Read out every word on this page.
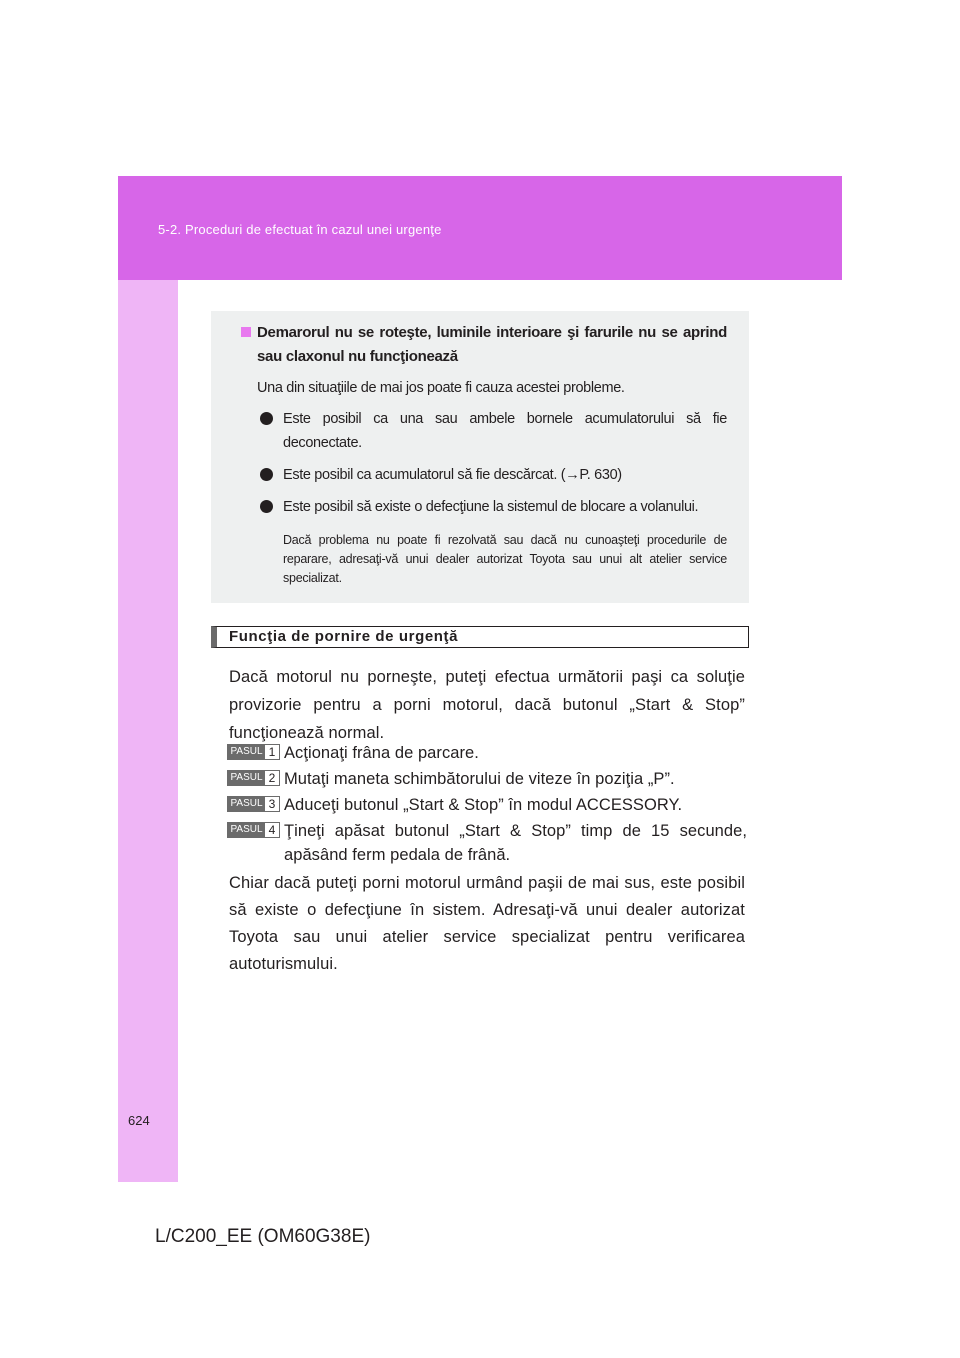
5-2. Proceduri de efectuat în cazul unei urgenţe
Demarorul nu se roteşte, luminile interioare şi farurile nu se aprind sau claxonul nu funcţionează
Una din situaţiile de mai jos poate fi cauza acestei probleme.
Este posibil ca una sau ambele bornele acumulatorului să fie deconectate.
Este posibil ca acumulatorul să fie descărcat. (→P. 630)
Este posibil să existe o defecţiune la sistemul de blocare a volanului.
Dacă problema nu poate fi rezolvată sau dacă nu cunoaşteţi procedurile de reparare, adresaţi-vă unui dealer autorizat Toyota sau unui alt atelier service specializat.
Funcţia de pornire de urgenţă
Dacă motorul nu porneşte, puteţi efectua următorii paşi ca soluţie provizorie pentru a porni motorul, dacă butonul „Start & Stop” funcţionează normal.
PASUL 1 Acţionaţi frâna de parcare.
PASUL 2 Mutaţi maneta schimbătorului de viteze în poziţia „P”.
PASUL 3 Aduceţi butonul „Start & Stop” în modul ACCESSORY.
PASUL 4 Ţineţi apăsat butonul „Start & Stop” timp de 15 secunde, apăsând ferm pedala de frână.
Chiar dacă puteţi porni motorul urmând paşii de mai sus, este posibil să existe o defecţiune în sistem. Adresaţi-vă unui dealer autorizat Toyota sau unui atelier service specializat pentru verificarea autoturismului.
624
L/C200_EE (OM60G38E)
